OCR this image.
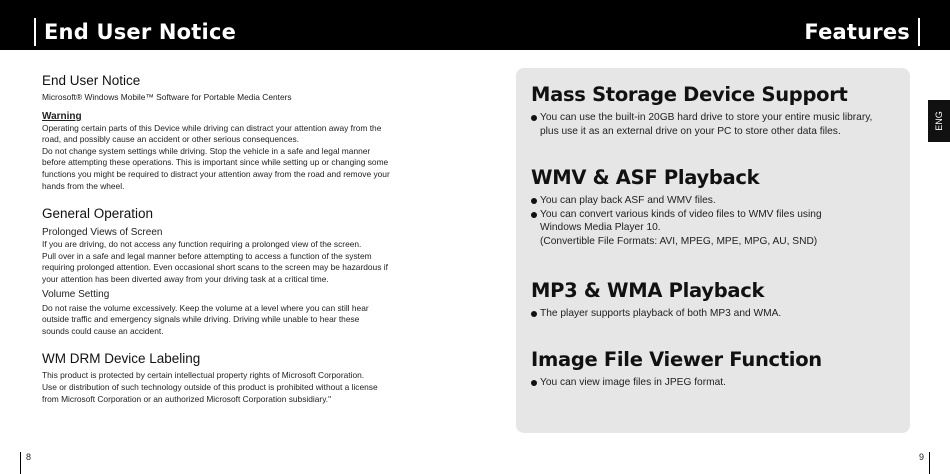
End User Notice	Features
End User Notice
Microsoft® Windows Mobile™ Software for Portable Media Centers
Warning
Operating certain parts of this Device while driving can distract your attention away from the
road, and possibly cause an accident or other serious consequences.
Do not change system settings while driving. Stop the vehicle in a safe and legal manner
before attempting these operations. This is important since while setting up or changing some
functions you might be required to distract your attention away from the road and remove your
hands from the wheel.
General Operation
Prolonged Views of Screen
If you are driving, do not access any function requiring a prolonged view of the screen.
Pull over in a safe and legal manner before attempting to access a function of the system
requiring prolonged attention. Even occasional short scans to the screen may be hazardous if
your attention has been diverted away from your driving task at a critical time.
Volume Setting
Do not raise the volume excessively. Keep the volume at a level where you can still hear
outside traffic and emergency signals while driving. Driving while unable to hear these
sounds could cause an accident.
WM DRM Device Labeling
This product is protected by certain intellectual property rights of Microsoft Corporation.
Use or distribution of such technology outside of this product is prohibited without a license
from Microsoft Corporation or an authorized Microsoft Corporation subsidiary."
Mass Storage Device Support
You can use the built-in 20GB hard drive to store your entire music library,
plus use it as an external drive on your PC to store other data files.
WMV & ASF Playback
You can play back ASF and WMV files.
You can convert various kinds of video files to WMV files using
Windows Media Player 10.
(Convertible File Formats: AVI, MPEG, MPE, MPG, AU, SND)
MP3 & WMA Playback
The player supports playback of both MP3 and WMA.
Image File Viewer Function
You can view image files in JPEG format.
ENG
8	9
